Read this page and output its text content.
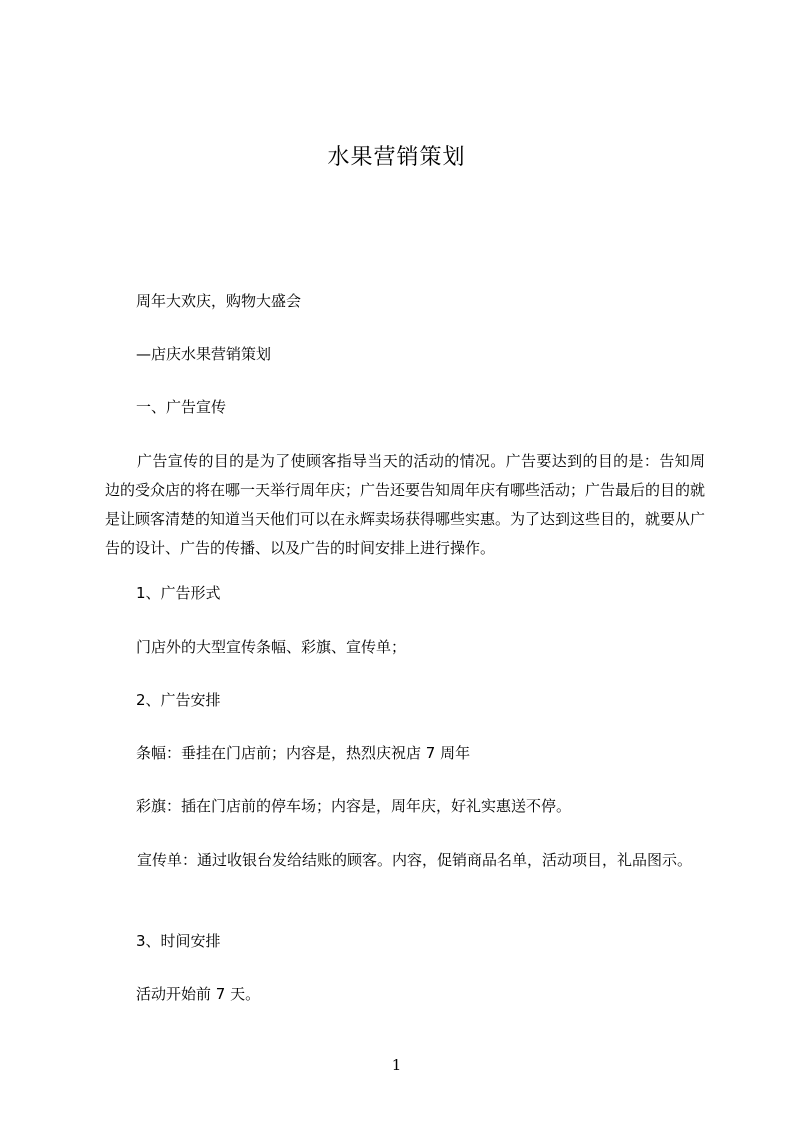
水果营销策划
周年大欢庆，购物大盛会
—店庆水果营销策划
一、广告宣传
广告宣传的目的是为了使顾客指导当天的活动的情况。广告要达到的目的是：告知周边的受众店的将在哪一天举行周年庆；广告还要告知周年庆有哪些活动；广告最后的目的就是让顾客清楚的知道当天他们可以在永辉卖场获得哪些实惠。为了达到这些目的，就要从广告的设计、广告的传播、以及广告的时间安排上进行操作。
1、广告形式
门店外的大型宣传条幅、彩旗、宣传单；
2、广告安排
条幅：垂挂在门店前；内容是，热烈庆祝店 7 周年
彩旗：插在门店前的停车场；内容是，周年庆，好礼实惠送不停。
宣传单：通过收银台发给结账的顾客。内容，促销商品名单，活动项目，礼品图示。
3、时间安排
活动开始前 7 天。
1
